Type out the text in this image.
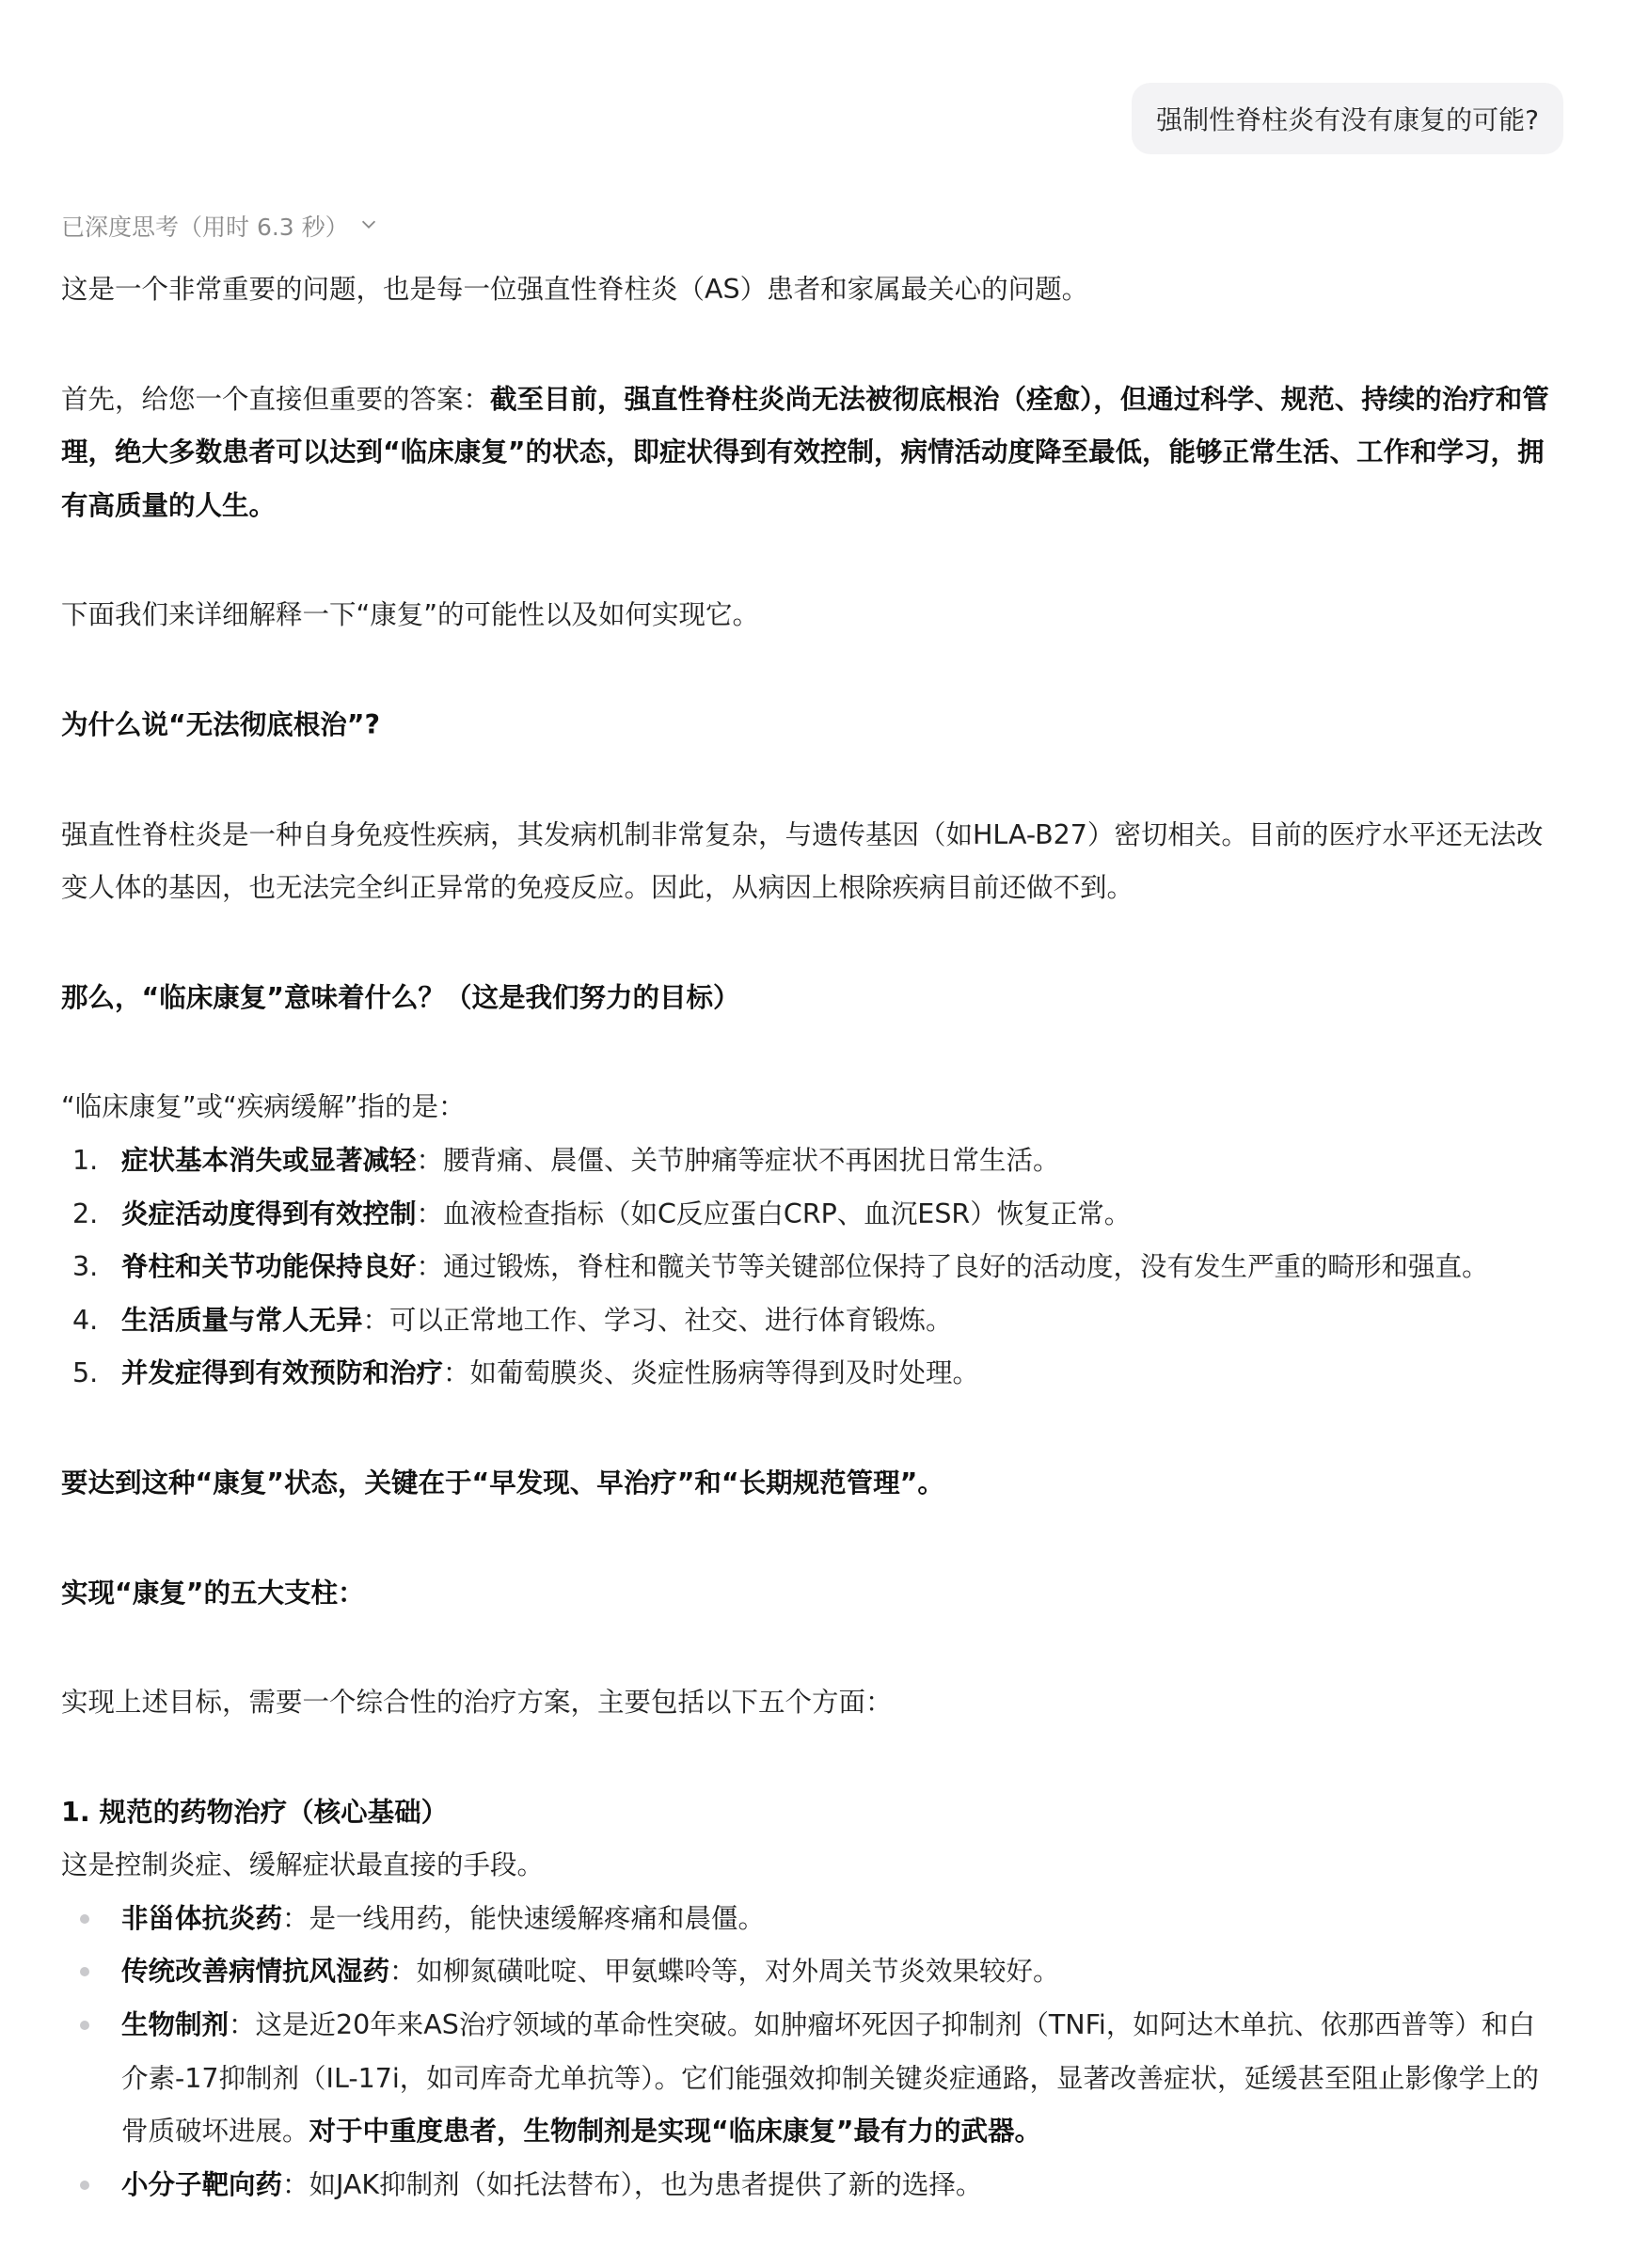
强制性脊柱炎有没有康复的可能?
已深度思考（用时 6.3 秒）

这是一个非常重要的问题，也是每一位强直性脊柱炎（AS）患者和家属最关心的问题。

首先，给您一个直接但重要的答案：截至目前，强直性脊柱炎尚无法被彻底根治（痊愈），但通过科学、规范、持续的治疗和管理，绝大多数患者可以达到“临床康复”的状态，即症状得到有效控制，病情活动度降至最低，能够正常生活、工作和学习，拥有高质量的人生。

下面我们来详细解释一下“康复”的可能性以及如何实现它。

为什么说“无法彻底根治”?

强直性脊柱炎是一种自身免疫性疾病，其发病机制非常复杂，与遗传基因（如HLA-B27）密切相关。目前的医疗水平还无法改变人体的基因，也无法完全纠正异常的免疫反应。因此，从病因上根除疾病目前还做不到。

那么，“临床康复”意味着什么？（这是我们努力的目标）

“临床康复”或“疾病缓解”指的是：

1. 症状基本消失或显著减轻：腰背痛、晨僵、关节肿痛等症状不再困扰日常生活。
2. 炎症活动度得到有效控制：血液检查指标（如C反应蛋白CRP、血沉ESR）恢复正常。
3. 脊柱和关节功能保持良好：通过锻炼，脊柱和髋关节等关键部位保持了良好的活动度，没有发生严重的畸形和强直。
4. 生活质量与常人无异：可以正常地工作、学习、社交、进行体育锻炼。
5. 并发症得到有效预防和治疗：如葡萄膜炎、炎症性肠病等得到及时处理。

要达到这种“康复”状态，关键在于“早发现、早治疗”和“长期规范管理”。

实现“康复”的五大支柱：

实现上述目标，需要一个综合性的治疗方案，主要包括以下五个方面：

1. 规范的药物治疗（核心基础）

这是控制炎症、缓解症状最直接的手段。

非甾体抗炎药：是一线用药，能快速缓解疼痛和晨僵。
传统改善病情抗风湿药：如柳氮磺吡啶、甲氨蝶呤等，对外周关节炎效果较好。
生物制剂：这是近20年来AS治疗领域的革命性突破。如肿瘤坏死因子抑制剂（TNFi，如阿达木单抗、依那西普等）和白介素-17抑制剂（IL-17i，如司库奇尤单抗等）。它们能强效抑制关键炎症通路，显著改善症状，延缓甚至阻止影像学上的骨质破坏进展。对于中重度患者，生物制剂是实现“临床康复”最有力的武器。
小分子靶向药：如JAK抑制剂（如托法替布），也为患者提供了新的选择。
